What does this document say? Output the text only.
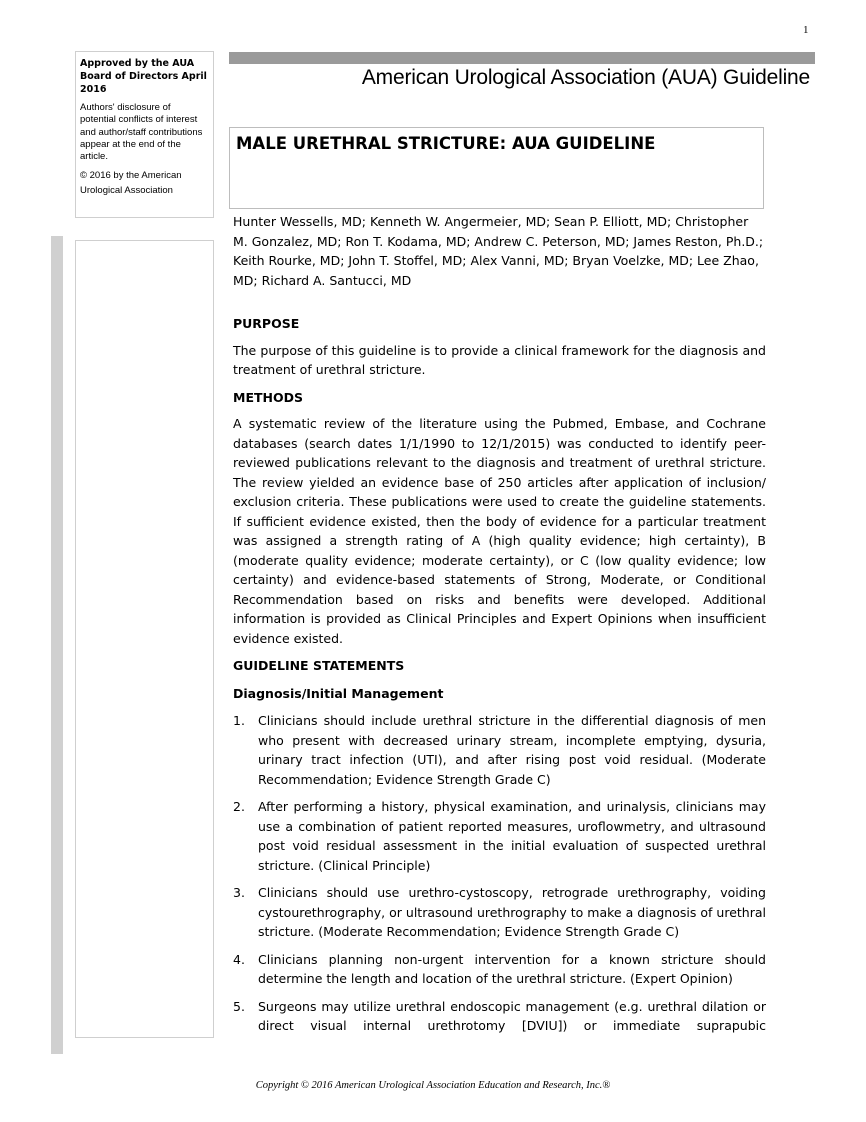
1
Approved by the AUA Board of Directors April 2016
Authors' disclosure of potential conflicts of interest and author/staff contributions appear at the end of the article.
© 2016 by the American Urological Association
American Urological Association (AUA) Guideline
MALE URETHRAL STRICTURE: AUA GUIDELINE

Hunter Wessells, MD; Kenneth W. Angermeier, MD; Sean P. Elliott, MD; Christopher M. Gonzalez, MD; Ron T. Kodama, MD; Andrew C. Peterson, MD; James Reston, Ph.D.; Keith Rourke, MD; John T. Stoffel, MD; Alex Vanni, MD; Bryan Voelzke, MD; Lee Zhao, MD; Richard A. Santucci, MD

PURPOSE

The purpose of this guideline is to provide a clinical framework for the diagnosis and treatment of urethral stricture.

METHODS

A systematic review of the literature using the Pubmed, Embase, and Cochrane databases (search dates 1/1/1990 to 12/1/2015) was conducted to identify peer-reviewed publications relevant to the diagnosis and treatment of urethral stricture. The review yielded an evidence base of 250 articles after application of inclusion/ exclusion criteria. These publications were used to create the guideline statements. If sufficient evidence existed, then the body of evidence for a particular treatment was assigned a strength rating of A (high quality evidence; high certainty), B (moderate quality evidence; moderate certainty), or C (low quality evidence; low certainty) and evidence-based statements of Strong, Moderate, or Conditional Recommendation based on risks and benefits were developed. Additional information is provided as Clinical Principles and Expert Opinions when insufficient evidence existed.

GUIDELINE STATEMENTS

Diagnosis/Initial Management

1.	Clinicians should include urethral stricture in the differential diagnosis of men who present with decreased urinary stream, incomplete emptying, dysuria, urinary tract infection (UTI), and after rising post void residual. (Moderate Recommendation; Evidence Strength Grade C)
2.	After performing a history, physical examination, and urinalysis, clinicians may use a combination of patient reported measures, uroflowmetry, and ultrasound post void residual assessment in the initial evaluation of suspected urethral stricture. (Clinical Principle)
3.	Clinicians should use urethro-cystoscopy, retrograde urethrography, voiding cystourethrography, or ultrasound urethrography to make a diagnosis of urethral stricture. (Moderate Recommendation; Evidence Strength Grade C)
4.	Clinicians planning non-urgent intervention for a known stricture should determine the length and location of the urethral stricture. (Expert Opinion)
5.	Surgeons may utilize urethral endoscopic management (e.g. urethral dilation or direct visual internal urethrotomy [DVIU]) or immediate suprapubic
Copyright © 2016 American Urological Association Education and Research, Inc.®
